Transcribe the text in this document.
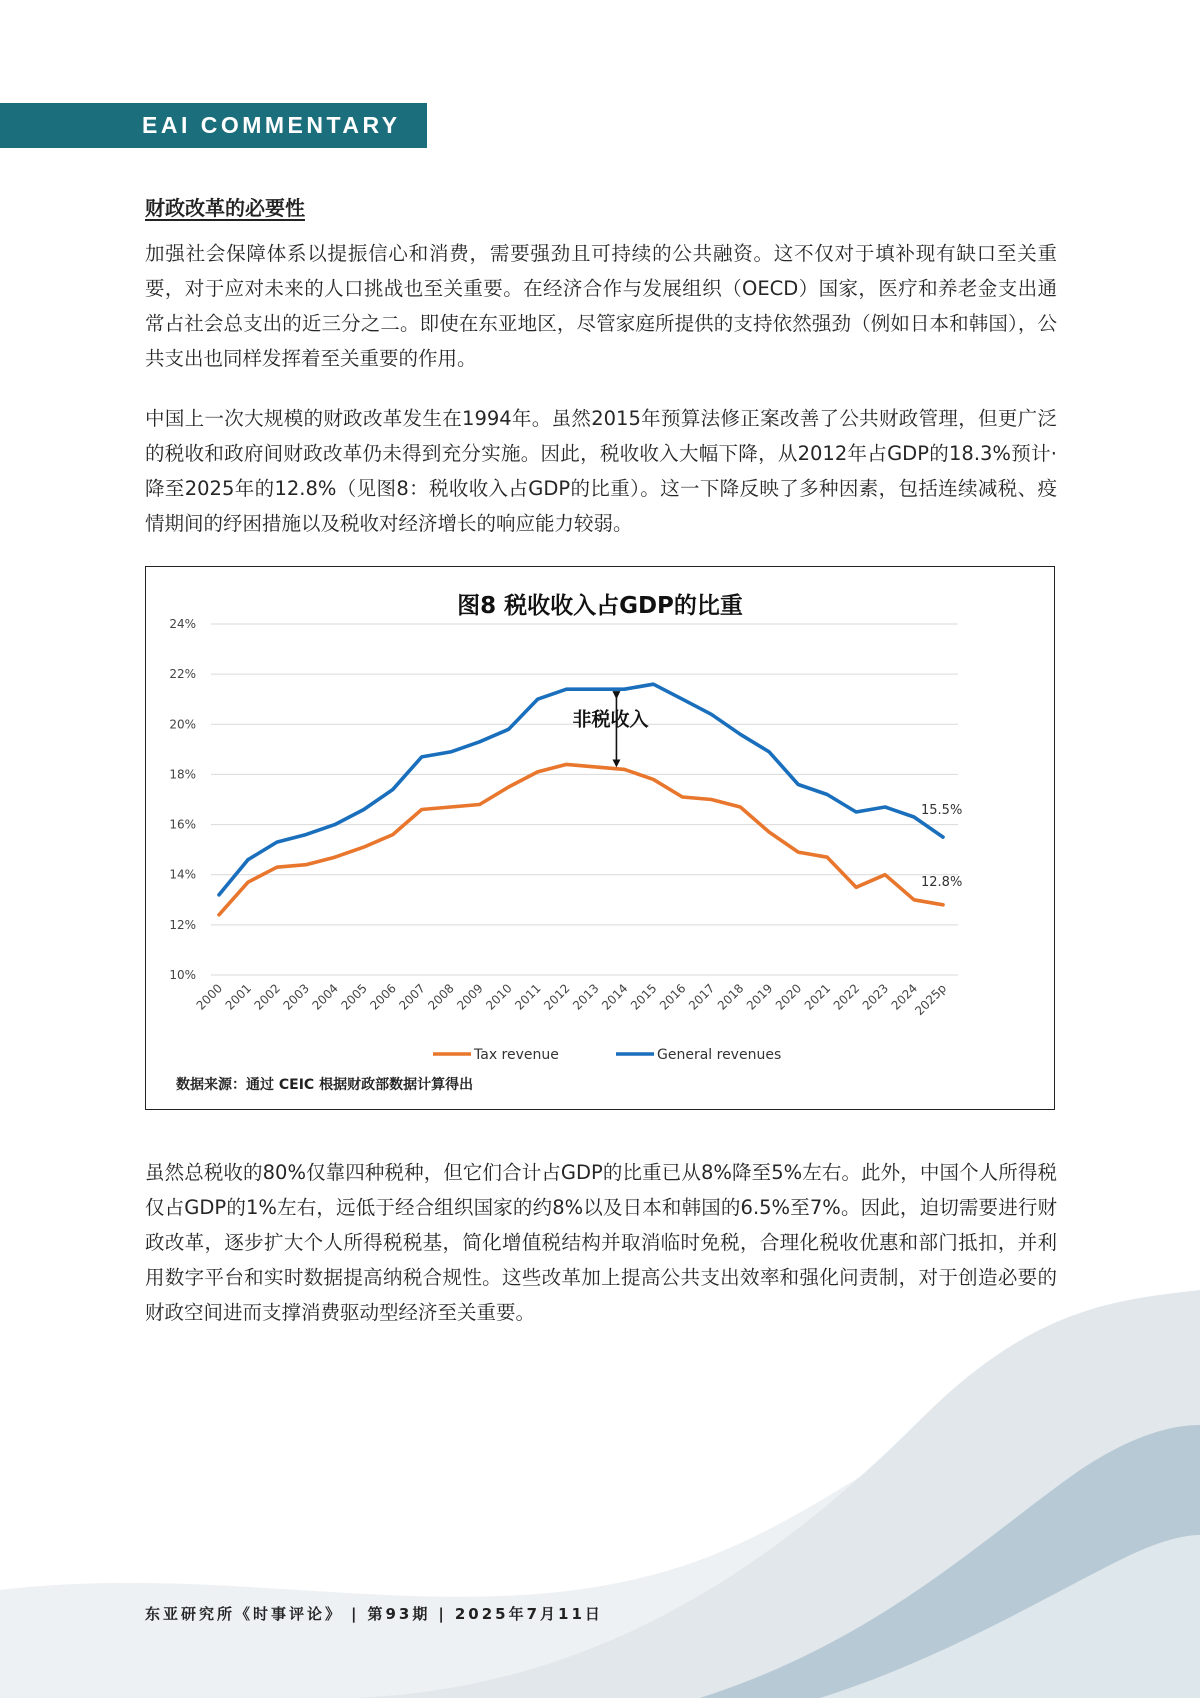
EAI COMMENTARY
财政改革的必要性

加强社会保障体系以提振信心和消费，需要强劲且可持续的公共融资。这不仅对于填补现有缺口至关重要，对于应对未来的人口挑战也至关重要。在经济合作与发展组织（OECD）国家，医疗和养老金支出通常占社会总支出的近三分之二。即使在东亚地区，尽管家庭所提供的支持依然强劲（例如日本和韩国），公共支出也同样发挥着至关重要的作用。

中国上一次大规模的财政改革发生在1994年。虽然2015年预算法修正案改善了公共财政管理，但更广泛的税收和政府间财政改革仍未得到充分实施。因此，税收收入大幅下降，从2012年占GDP的18.3%预计·降至2025年的12.8%（见图8：税收收入占GDP的比重）。这一下降反映了多种因素，包括连续减税、疫情期间的纾困措施以及税收对经济增长的响应能力较弱。

虽然总税收的80%仅靠四种税种，但它们合计占GDP的比重已从8%降至5%左右。此外，中国个人所得税仅占GDP的1%左右，远低于经合组织国家的约8%以及日本和韩国的6.5%至7%。因此，迫切需要进行财政改革，逐步扩大个人所得税税基，简化增值税结构并取消临时免税，合理化税收优惠和部门抵扣，并利用数字平台和实时数据提高纳税合规性。这些改革加上提高公共支出效率和强化问责制，对于创造必要的财政空间进而支撑消费驱动型经济至关重要。

图8 税收收入占GDP的比重
10%
12%
14%
16%
18%
20%
22%
24%
2000
2001
2002
2003
2004
2005
2006
2007
2008
2009
2010
2011
2012
2013
2014
2015
2016
2017
2018
2019
2020
2021
2022
2023
2024
2025p
非税收入
15.5%
12.8%
Tax revenue	General revenues
数据来源：通过 CEIC 根据财政部数据计算得出
东亚研究所《时事评论》 | 第93期 | 2025年7月11日
